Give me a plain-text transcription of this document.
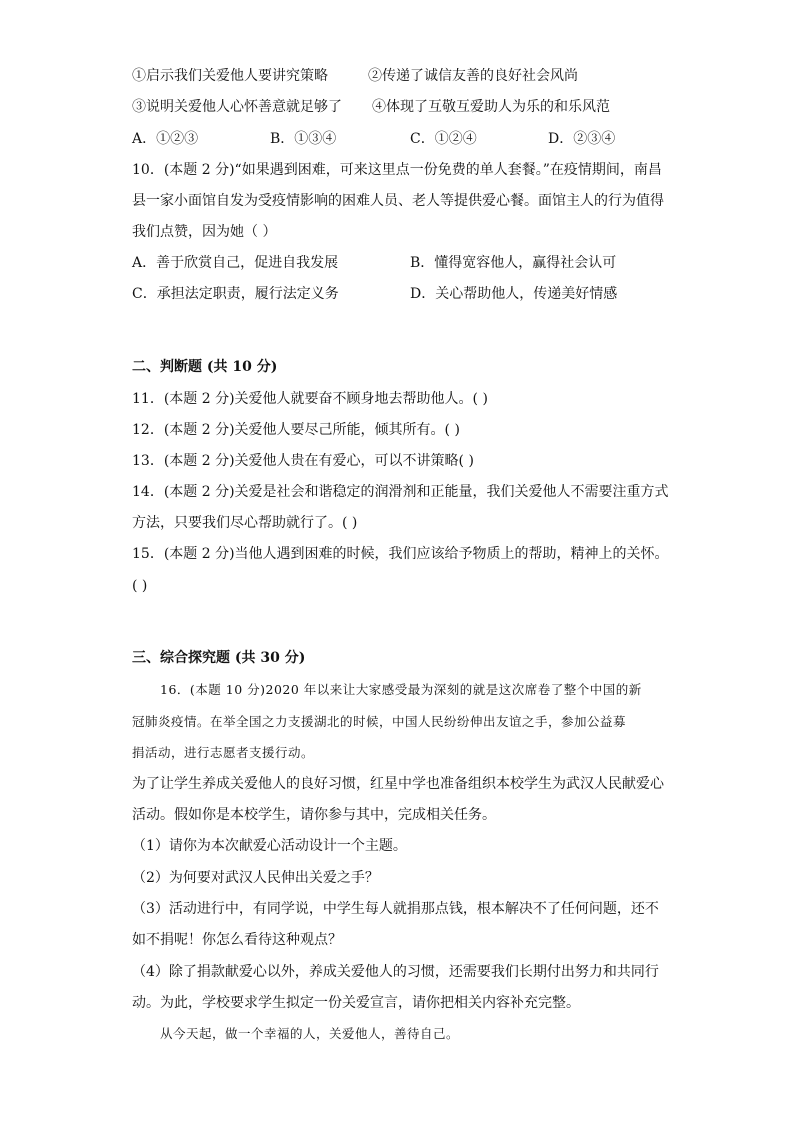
①启示我们关爱他人要讲究策略	②传递了诚信友善的良好社会风尚
③说明关爱他人心怀善意就足够了 ④体现了互敬互爱助人为乐的和乐风范
A．①②③	B．①③④	C．①②④	D．②③④
10．(本题 2 分)“如果遇到困难，可来这里点一份免费的单人套餐。”在疫情期间，南昌
县一家小面馆自发为受疫情影响的困难人员、老人等提供爱心餐。面馆主人的行为值得
我们点赞，因为她（ ）
A．善于欣赏自己，促进自我发展	B．懂得宽容他人，赢得社会认可
C．承担法定职责，履行法定义务	D．关心帮助他人，传递美好情感
二、判断题 (共 10 分)
11．(本题 2 分)关爱他人就要奋不顾身地去帮助他人。( )
12．(本题 2 分)关爱他人要尽己所能，倾其所有。( )
13．(本题 2 分)关爱他人贵在有爱心，可以不讲策略( )
14．(本题 2 分)关爱是社会和谐稳定的润滑剂和正能量，我们关爱他人不需要注重方式
方法，只要我们尽心帮助就行了。( )
15．(本题 2 分)当他人遇到困难的时候，我们应该给予物质上的帮助，精神上的关怀。
( )
三、综合探究题 (共 30 分)
16．(本题 10 分)2020 年以来让大家感受最为深刻的就是这次席卷了整个中国的新
冠肺炎疫情。在举全国之力支援湖北的时候，中国人民纷纷伸出友谊之手，参加公益募
捐活动，进行志愿者支援行动。
为了让学生养成关爱他人的良好习惯，红星中学也准备组织本校学生为武汉人民献爱心
活动。假如你是本校学生，请你参与其中，完成相关任务。
（1）请你为本次献爱心活动设计一个主题。
（2）为何要对武汉人民伸出关爱之手？
（3）活动进行中，有同学说，中学生每人就捐那点钱，根本解决不了任何问题，还不
如不捐呢！你怎么看待这种观点？
（4）除了捐款献爱心以外，养成关爱他人的习惯，还需要我们长期付出努力和共同行
动。为此，学校要求学生拟定一份关爱宣言，请你把相关内容补充完整。
从今天起，做一个幸福的人，关爱他人，善待自己。
